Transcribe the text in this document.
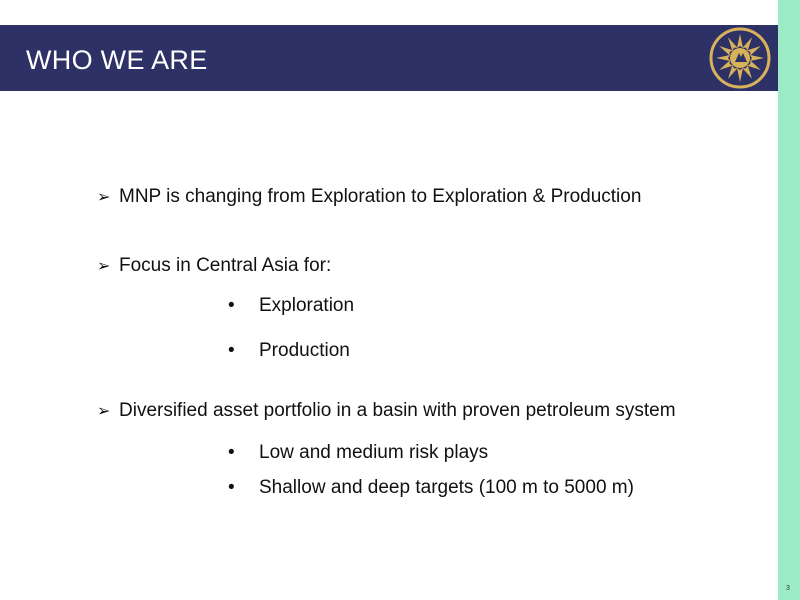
WHO WE ARE
➢ MNP is changing from Exploration to Exploration & Production
➢ Focus in Central Asia for:
• Exploration
• Production
➢ Diversified asset portfolio in a basin with proven petroleum system
• Low and medium risk plays
• Shallow and deep targets (100 m to 5000 m)
3
